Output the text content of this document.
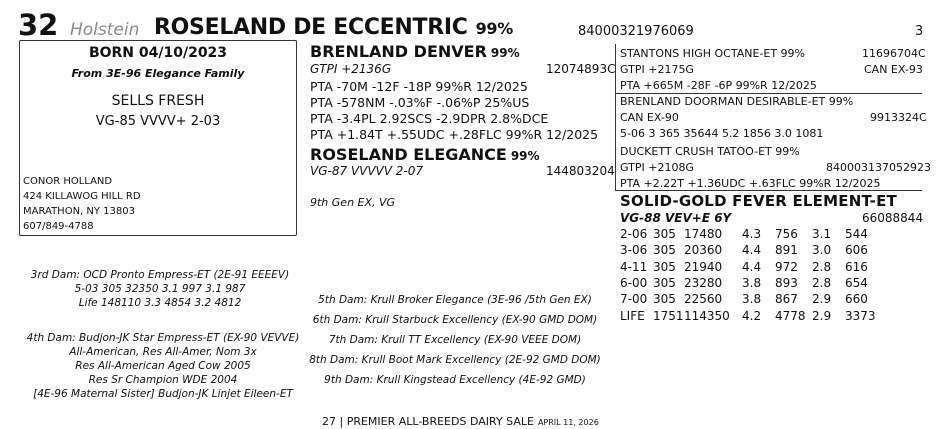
32 Holstein ROSELAND DE ECCENTRIC 99%	84000321976069	3
BORN 04/10/2023
From 3E-96 Elegance Family
SELLS FRESH
VG-85 VVVV+ 2-03
CONOR HOLLAND
424 KILLAWOG HILL RD
MARATHON, NY 13803
607/849-4788
BRENLAND DENVER 99%
GTPI +2136G	12074893C
PTA -70M -12F -18P 99%R 12/2025
PTA -578NM -.03%F -.06%P 25%US
PTA -3.4PL 2.92SCS -2.9DPR 2.8%DCE
PTA +1.84T +.55UDC +.28FLC 99%R 12/2025
ROSELAND ELEGANCE 99%
VG-87 VVVVV 2-07	144803204
9th Gen EX, VG
STANTONS HIGH OCTANE-ET 99%	11696704C
GTPI +2175G	CAN EX-93
PTA +665M -28F -6P 99%R 12/2025
BRENLAND DOORMAN DESIRABLE-ET 99%
CAN EX-90	9913324C
5-06 3 365 35644 5.2 1856 3.0 1081
DUCKETT CRUSH TATOO-ET 99%
GTPI +2108G	840003137052923
PTA +2.22T +1.36UDC +.63FLC 99%R 12/2025
SOLID-GOLD FEVER ELEMENT-ET
VG-88 VEV+E 6Y	66088844
2-06	305	17480	4.3	756	3.1	544
3-06	305	20360	4.4	891	3.0	606
4-11	305	21940	4.4	972	2.8	616
6-00	305	23280	3.8	893	2.8	654
7-00	305	22560	3.8	867	2.9	660
LIFE	1751	114350	4.2	4778	2.9	3373
3rd Dam: OCD Pronto Empress-ET (2E-91 EEEEV)
5-03 305 32350 3.1 997 3.1 987
Life 148110 3.3 4854 3.2 4812
4th Dam: Budjon-JK Star Empress-ET (EX-90 VEVVE)
All-American, Res All-Amer, Nom 3x
Res All-American Aged Cow 2005
Res Sr Champion WDE 2004
[4E-96 Maternal Sister] Budjon-JK Linjet Eileen-ET
5th Dam: Krull Broker Elegance (3E-96 /5th Gen EX)
6th Dam: Krull Starbuck Excellency (EX-90 GMD DOM)
7th Dam: Krull TT Excellency (EX-90 VEEE DOM)
8th Dam: Krull Boot Mark Excellency (2E-92 GMD DOM)
9th Dam: Krull Kingstead Excellency (4E-92 GMD)
27 | PREMIER ALL-BREEDS DAIRY SALE APRIL 11, 2026
